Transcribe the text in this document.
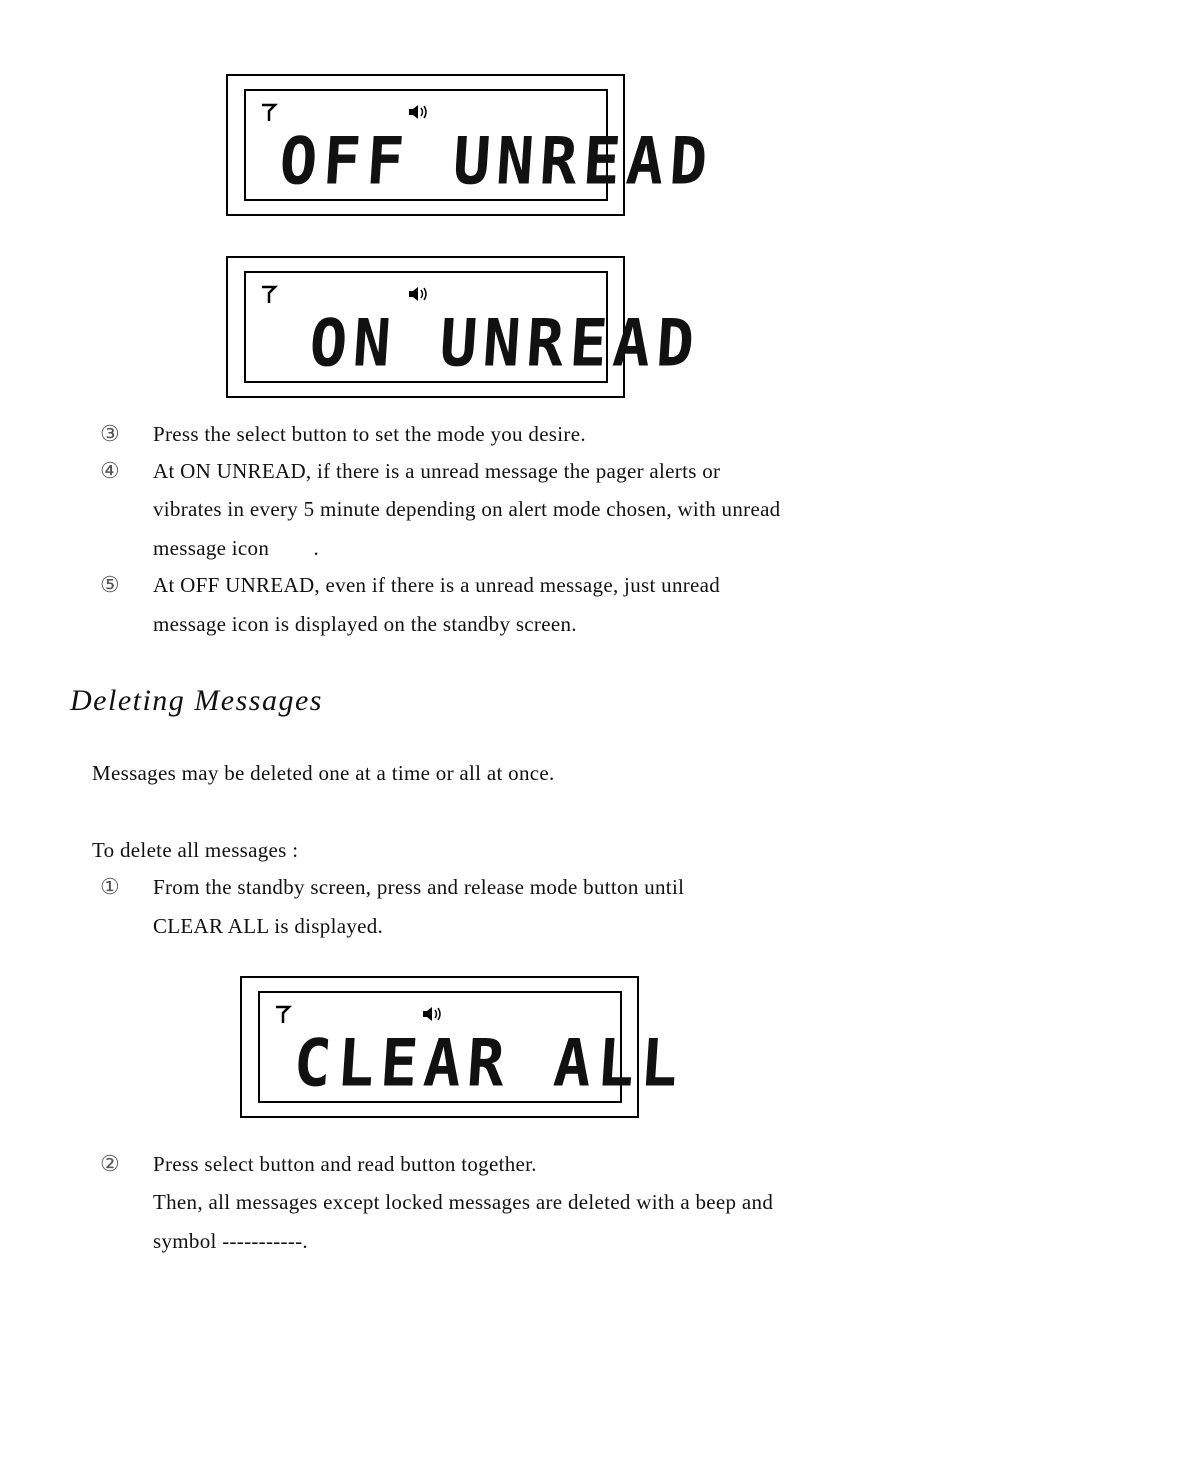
OFF UNREAD
ON UNREAD
③ Press the select button to set the mode you desire.
④ At ON UNREAD, if there is a unread message the pager alerts or
vibrates in every 5 minute depending on alert mode chosen, with unread
message icon        .
⑤ At OFF UNREAD, even if there is a unread message, just unread
message icon is displayed on the standby screen.
Deleting Messages
Messages may be deleted one at a time or all at once.
To delete all messages :
① From the standby screen, press and release mode button until
CLEAR ALL is displayed.
CLEAR ALL
② Press select button and read button together.
Then, all messages except locked messages are deleted with a beep and
symbol -----------.
